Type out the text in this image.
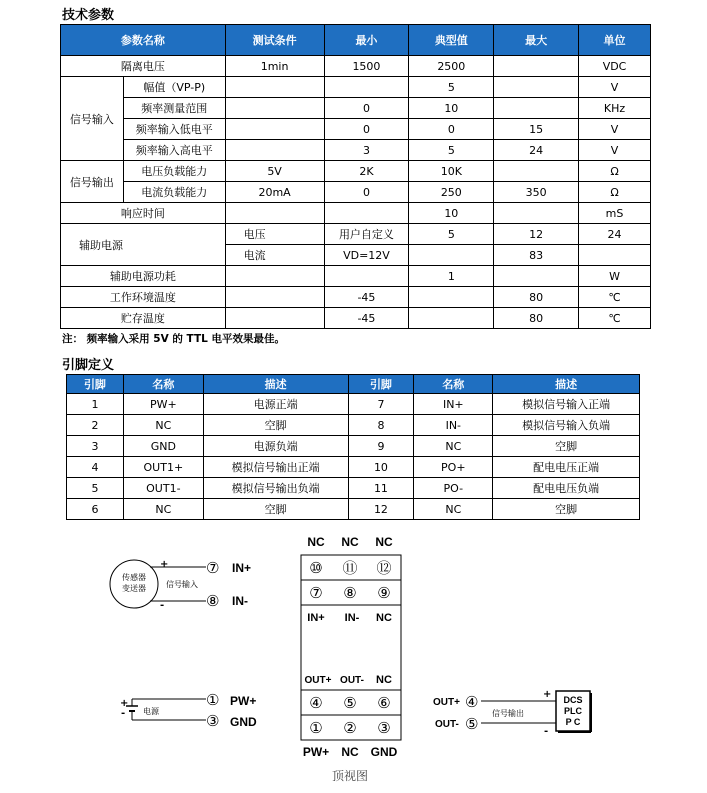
技术参数
参数名称		测试条件	最小	典型值	最大	单位
隔离电压		1min	1500	2500		VDC
信号输入	幅值（VP-P)			5		V
	频率测量范围		0	10		KHz
	频率输入低电平		0	0	15	V
	频率输入高电平		3	5	24	V
信号输出	电压负载能力	5V	2K	10K		Ω
	电流负载能力	20mA	0	250	350	Ω
响应时间				10		mS
辅助电源		电压	用户自定义	5	12	24
		电流	VD=12V		83	
辅助电源功耗				1		W
工作环境温度			-45		80	℃
贮存温度			-45		80	℃
注： 频率输入采用 5V 的 TTL 电平效果最佳。
引脚定义
引脚	名称	描述	引脚	名称	描述
1	PW+	电源正端	7	IN+	模拟信号输入正端
2	NC	空脚	8	IN-	模拟信号输入负端
3	GND	电源负端	9	NC	空脚
4	OUT1+	模拟信号输出正端	10	PO+	配电电压正端
5	OUT1-	模拟信号输出负端	11	PO-	配电电压负端
6	NC	空脚	12	NC	空脚
传感器
变送器
+
-
信号输入
⑦
⑧
IN+
IN-
+
- 电源
①
③
PW+
GND
NC NC NC
⑩ ⑪ ⑫
⑦ ⑧ ⑨
IN+ IN- NC
OUT+ OUT- NC
④ ⑤ ⑥
① ② ③
PW+ NC GND
顶视图
OUT+
OUT-
④
⑤
+
-
信号输出
DCS
PLC
P C
